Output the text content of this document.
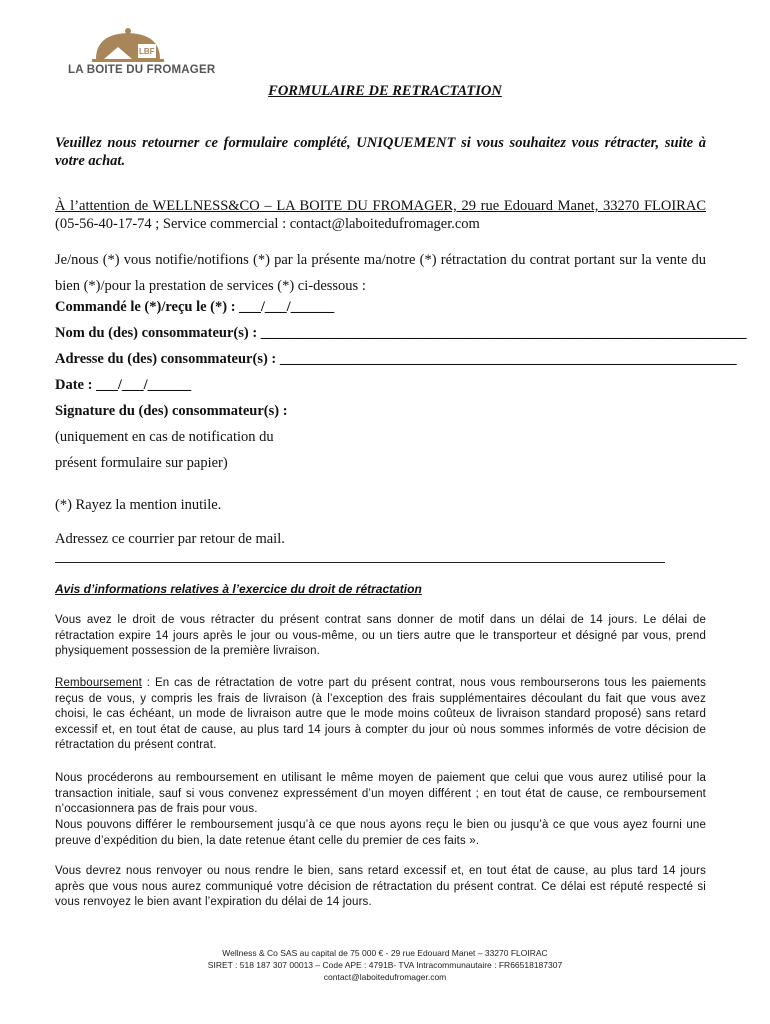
LBF
LA BOITE DU FROMAGER
FORMULAIRE DE RETRACTATION
Veuillez nous retourner ce formulaire complété, UNIQUEMENT si vous souhaitez vous rétracter, suite à votre achat.
À l’attention de WELLNESS&CO – LA BOITE DU FROMAGER, 29 rue Edouard Manet, 33270 FLOIRAC (05-56-40-17-74 ; Service commercial : contact@laboitedufromager.com
Je/nous (*) vous notifie/notifions (*) par la présente ma/notre (*) rétractation du contrat portant sur la vente du bien (*)/pour la prestation de services (*) ci-dessous :
Commandé le (*)/reçu le (*) : ___/___/______
Nom du (des) consommateur(s) : ___________________________________________________________________
Adresse du (des) consommateur(s) : _______________________________________________________________
Date : ___/___/______
Signature du (des) consommateur(s) :
(uniquement en cas de notification du
présent formulaire sur papier)
(*) Rayez la mention inutile.
Adressez ce courrier par retour de mail.
Avis d’informations relatives à l’exercice du droit de rétractation
Vous avez le droit de vous rétracter du présent contrat sans donner de motif dans un délai de 14 jours. Le délai de rétractation expire 14 jours après le jour ou vous-même, ou un tiers autre que le transporteur et désigné par vous, prend physiquement possession de la première livraison.
Remboursement : En cas de rétractation de votre part du présent contrat, nous vous rembourserons tous les paiements reçus de vous, y compris les frais de livraison (à l’exception des frais supplémentaires découlant du fait que vous avez choisi, le cas échéant, un mode de livraison autre que le mode moins coûteux de livraison standard proposé) sans retard excessif et, en tout état de cause, au plus tard 14 jours à compter du jour où nous sommes informés de votre décision de rétractation du présent contrat.
Nous procéderons au remboursement en utilisant le même moyen de paiement que celui que vous aurez utilisé pour la transaction initiale, sauf si vous convenez expressément d’un moyen différent ; en tout état de cause, ce remboursement n’occasionnera pas de frais pour vous.
Nous pouvons différer le remboursement jusqu’à ce que nous ayons reçu le bien ou jusqu’à ce que vous ayez fourni une preuve d’expédition du bien, la date retenue étant celle du premier de ces faits ».
Vous devrez nous renvoyer ou nous rendre le bien, sans retard excessif et, en tout état de cause, au plus tard 14 jours après que vous nous aurez communiqué votre décision de rétractation du présent contrat. Ce délai est réputé respecté si vous renvoyez le bien avant l’expiration du délai de 14 jours.
Wellness & Co SAS au capital de 75 000 € - 29 rue Edouard Manet – 33270 FLOIRAC
SIRET : 518 187 307 00013 – Code APE : 4791B- TVA Intracommunautaire : FR66518187307
contact@laboitedufromager.com
